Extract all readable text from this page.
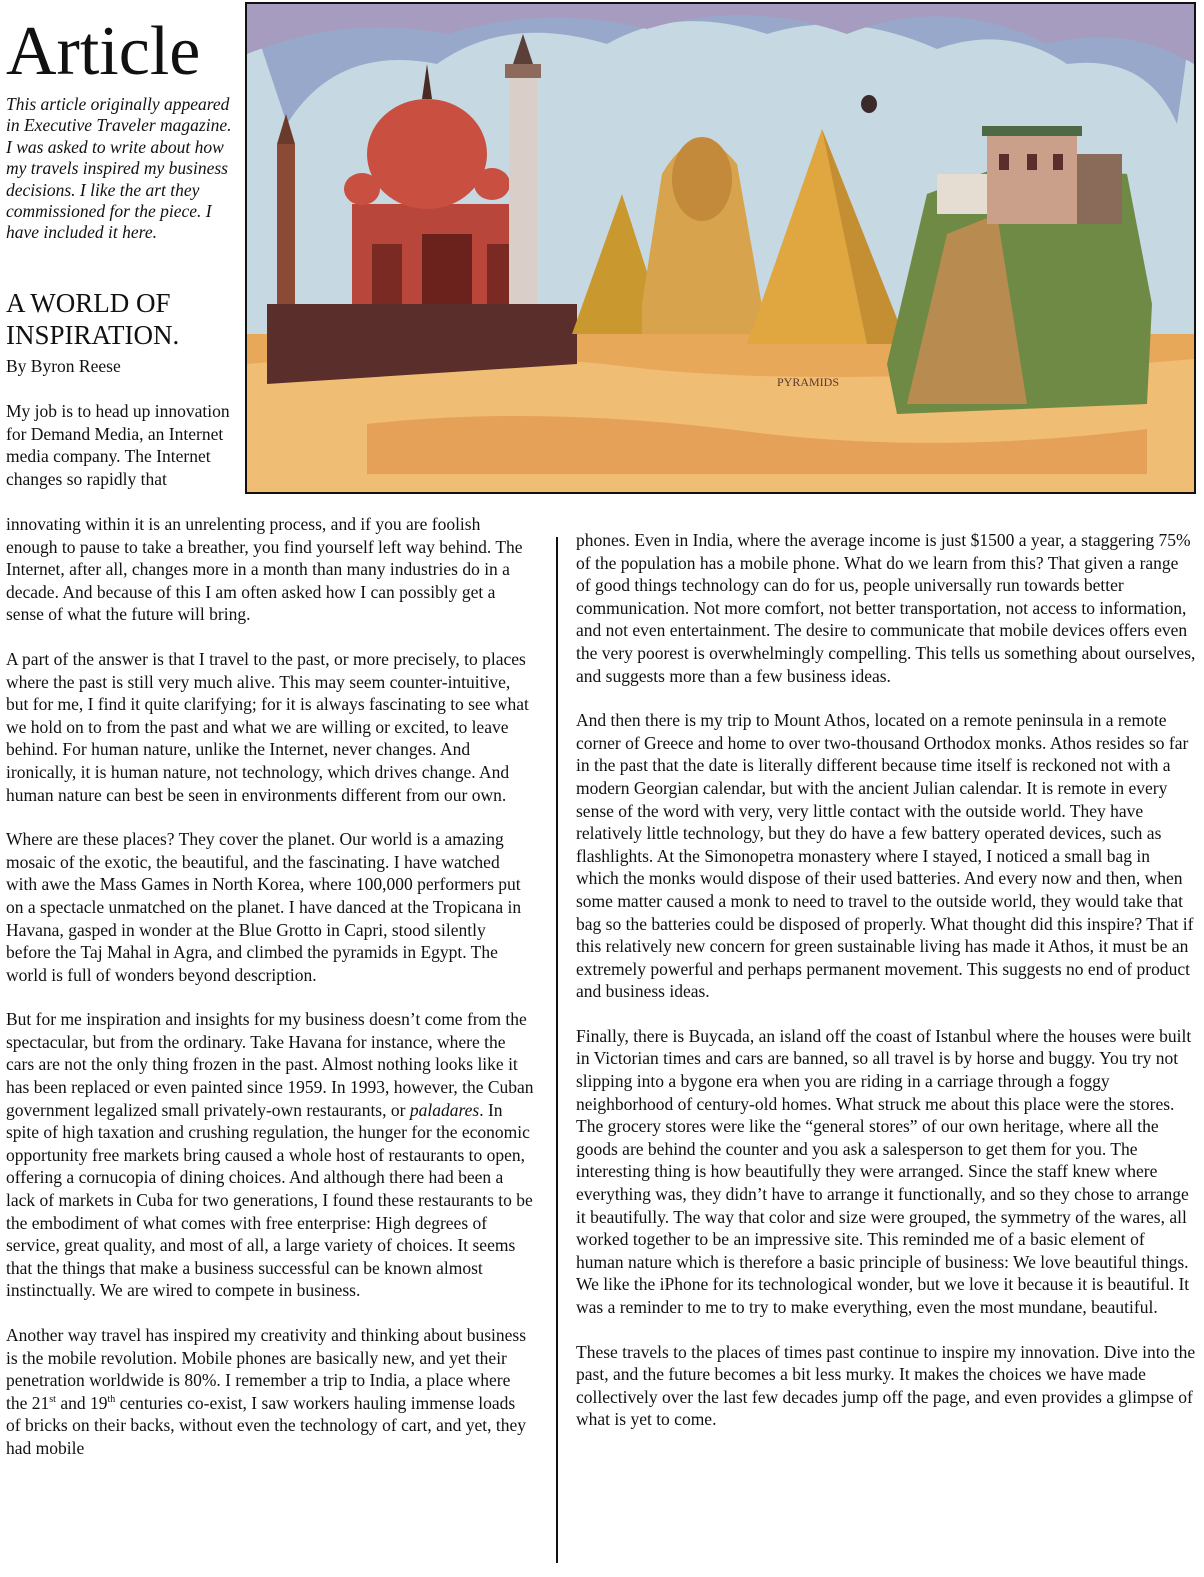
Article

This article originally appeared in Executive Traveler magazine. I was asked to write about how my travels inspired my business decisions. I like the art they commissioned for the piece. I have included it here.

A WORLD OF INSPIRATION.

By Byron Reese

PYRAMIDS

My job is to head up innovation for Demand Media, an Internet media company. The Internet changes so rapidly that

innovating within it is an unrelenting process, and if you are foolish enough to pause to take a breather, you find yourself left way behind. The Internet, after all, changes more in a month than many industries do in a decade. And because of this I am often asked how I can possibly get a sense of what the future will bring.

A part of the answer is that I travel to the past, or more precisely, to places where the past is still very much alive. This may seem counter-intuitive, but for me, I find it quite clarifying; for it is always fascinating to see what we hold on to from the past and what we are willing or excited, to leave behind. For human nature, unlike the Internet, never changes. And ironically, it is human nature, not technology, which drives change. And human nature can best be seen in environments different from our own.

Where are these places? They cover the planet. Our world is a amazing mosaic of the exotic, the beautiful, and the fascinating. I have watched with awe the Mass Games in North Korea, where 100,000 performers put on a spectacle unmatched on the planet. I have danced at the Tropicana in Havana, gasped in wonder at the Blue Grotto in Capri, stood silently before the Taj Mahal in Agra, and climbed the pyramids in Egypt. The world is full of wonders beyond description.

But for me inspiration and insights for my business doesn’t come from the spectacular, but from the ordinary. Take Havana for instance, where the cars are not the only thing frozen in the past. Almost nothing looks like it has been replaced or even painted since 1959. In 1993, however, the Cuban government legalized small privately-own restaurants, or paladares. In spite of high taxation and crushing regulation, the hunger for the economic opportunity free markets bring caused a whole host of restaurants to open, offering a cornucopia of dining choices. And although there had been a lack of markets in Cuba for two generations, I found these restaurants to be the embodiment of what comes with free enterprise: High degrees of service, great quality, and most of all, a large variety of choices. It seems that the things that make a business successful can be known almost instinctually. We are wired to compete in business.

Another way travel has inspired my creativity and thinking about business is the mobile revolution. Mobile phones are basically new, and yet their penetration worldwide is 80%. I remember a trip to India, a place where the 21st and 19th centuries co-exist, I saw workers hauling immense loads of bricks on their backs, without even the technology of cart, and yet, they had mobile

phones. Even in India, where the average income is just $1500 a year, a staggering 75% of the population has a mobile phone. What do we learn from this? That given a range of good things technology can do for us, people universally run towards better communication. Not more comfort, not better transportation, not access to information, and not even entertainment. The desire to communicate that mobile devices offers even the very poorest is overwhelmingly compelling. This tells us something about ourselves, and suggests more than a few business ideas.

And then there is my trip to Mount Athos, located on a remote peninsula in a remote corner of Greece and home to over two-thousand Orthodox monks. Athos resides so far in the past that the date is literally different because time itself is reckoned not with a modern Georgian calendar, but with the ancient Julian calendar. It is remote in every sense of the word with very, very little contact with the outside world. They have relatively little technology, but they do have a few battery operated devices, such as flashlights. At the Simonopetra monastery where I stayed, I noticed a small bag in which the monks would dispose of their used batteries. And every now and then, when some matter caused a monk to need to travel to the outside world, they would take that bag so the batteries could be disposed of properly. What thought did this inspire? That if this relatively new concern for green sustainable living has made it Athos, it must be an extremely powerful and perhaps permanent movement. This suggests no end of product and business ideas.

Finally, there is Buycada, an island off the coast of Istanbul where the houses were built in Victorian times and cars are banned, so all travel is by horse and buggy. You try not slipping into a bygone era when you are riding in a carriage through a foggy neighborhood of century-old homes. What struck me about this place were the stores. The grocery stores were like the “general stores” of our own heritage, where all the goods are behind the counter and you ask a salesperson to get them for you. The interesting thing is how beautifully they were arranged. Since the staff knew where everything was, they didn’t have to arrange it functionally, and so they chose to arrange it beautifully. The way that color and size were grouped, the symmetry of the wares, all worked together to be an impressive site. This reminded me of a basic element of human nature which is therefore a basic principle of business: We love beautiful things. We like the iPhone for its technological wonder, but we love it because it is beautiful. It was a reminder to me to try to make everything, even the most mundane, beautiful.

These travels to the places of times past continue to inspire my innovation. Dive into the past, and the future becomes a bit less murky. It makes the choices we have made collectively over the last few decades jump off the page, and even provides a glimpse of what is yet to come.
